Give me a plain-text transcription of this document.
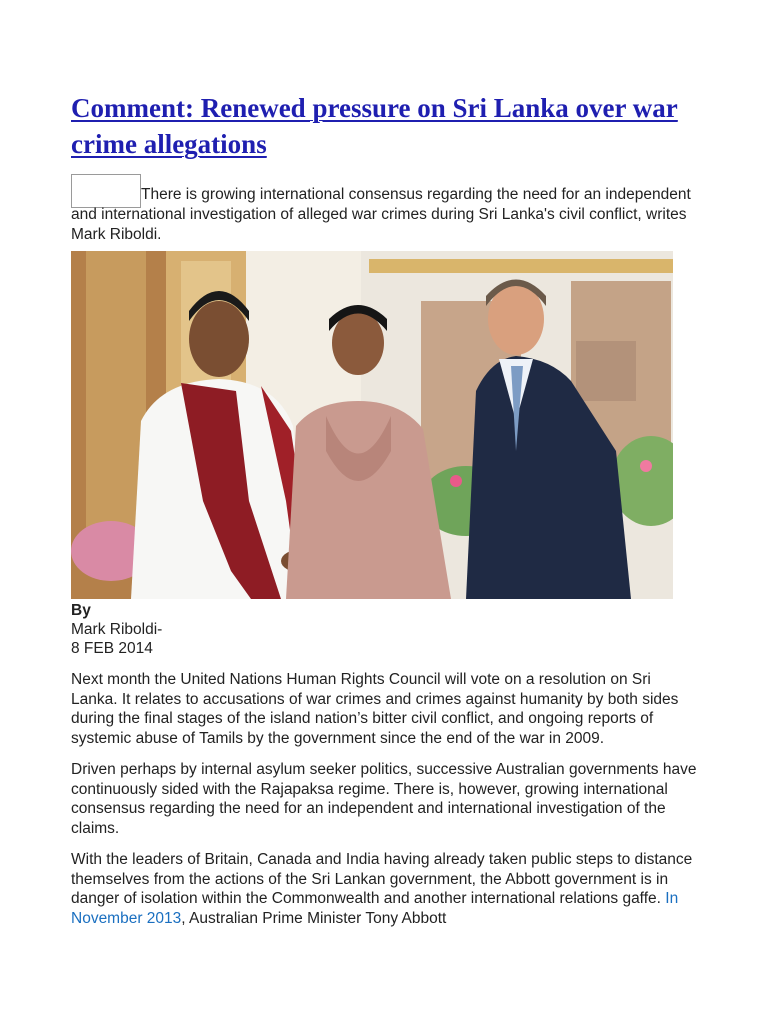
Comment: Renewed pressure on Sri Lanka over war crime allegations
There is growing international consensus regarding the need for an independent and international investigation of alleged war crimes during Sri Lanka's civil conflict, writes Mark Riboldi.
By
Mark Riboldi-
8 FEB 2014

Next month the United Nations Human Rights Council will vote on a resolution on Sri Lanka. It relates to accusations of war crimes and crimes against humanity by both sides during the final stages of the island nation’s bitter civil conflict, and ongoing reports of systemic abuse of Tamils by the government since the end of the war in 2009.

Driven perhaps by internal asylum seeker politics, successive Australian governments have continuously sided with the Rajapaksa regime. There is, however, growing international consensus regarding the need for an independent and international investigation of the claims.

With the leaders of Britain, Canada and India having already taken public steps to distance themselves from the actions of the Sri Lankan government, the Abbott government is in danger of isolation within the Commonwealth and another international relations gaffe. In November 2013, Australian Prime Minister Tony Abbott
